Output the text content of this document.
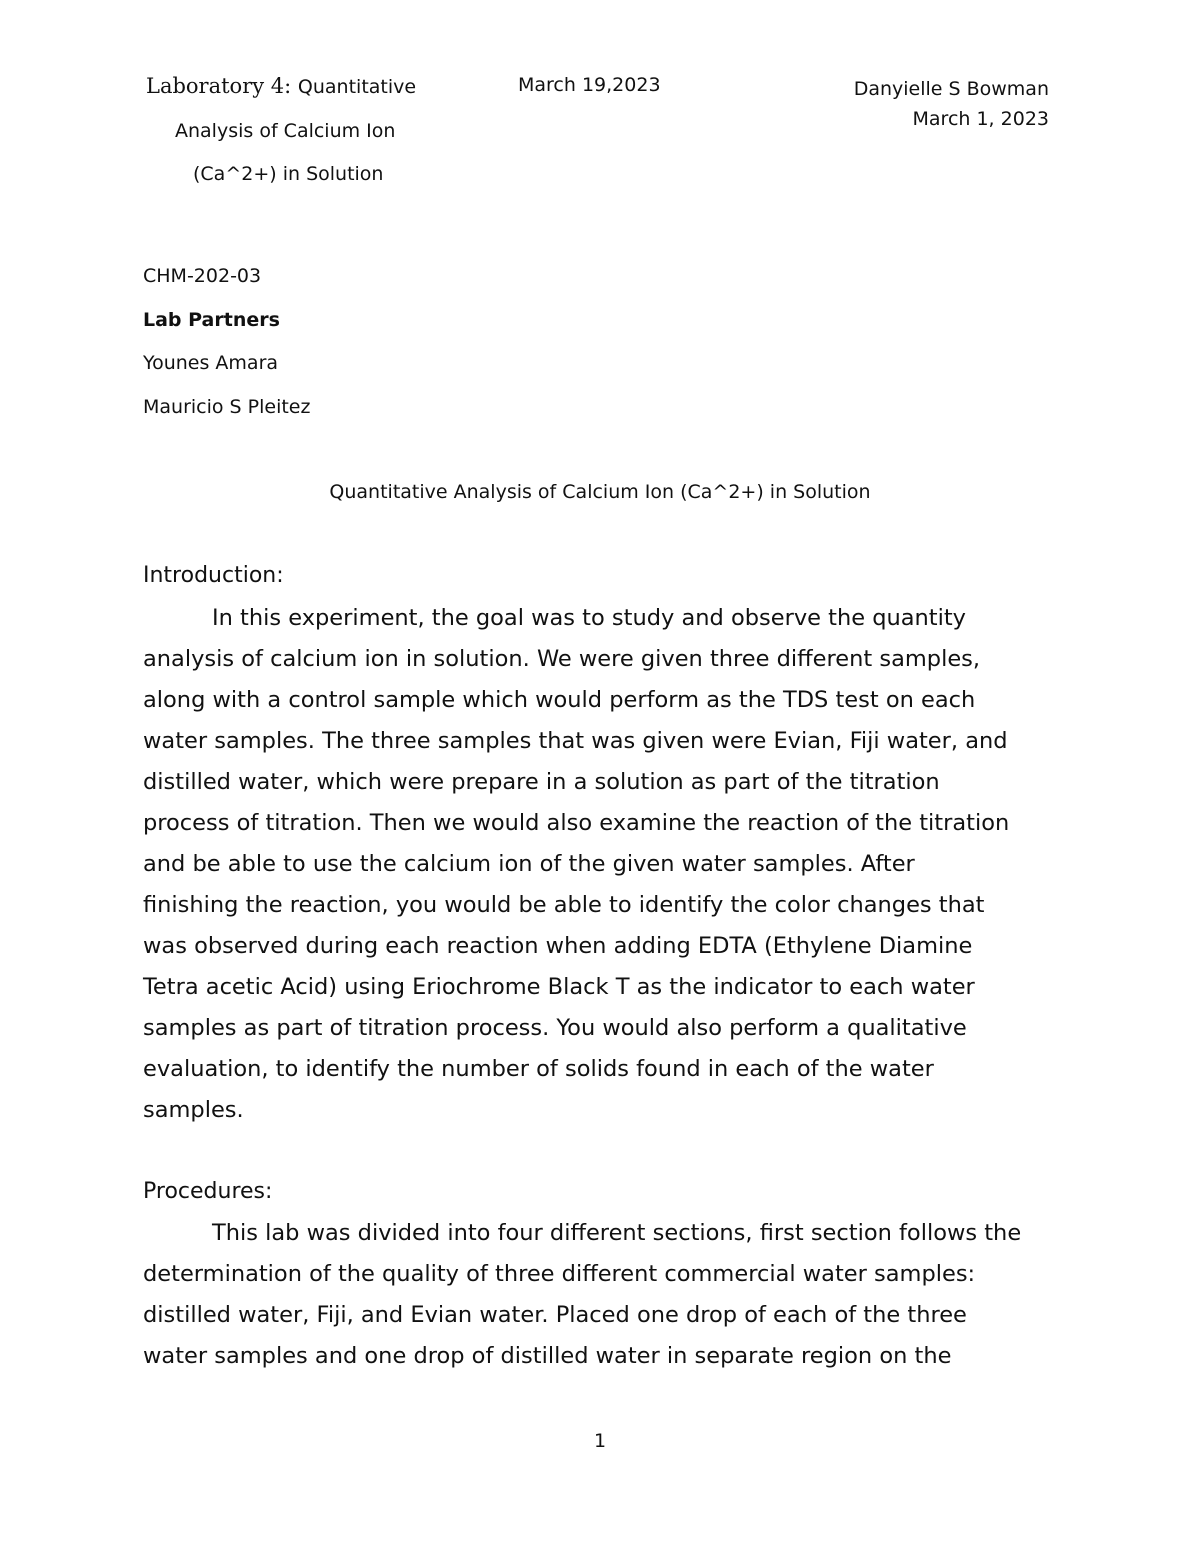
Laboratory 4: Quantitative
Analysis of Calcium Ion
(Ca^2+) in Solution
March 19,2023	Danyielle S Bowman
March 1, 2023
CHM-202-03
Lab Partners
Younes Amara
Mauricio S Pleitez
Quantitative Analysis of Calcium Ion (Ca^2+) in Solution
Introduction:
In this experiment, the goal was to study and observe the quantity
analysis of calcium ion in solution. We were given three different samples,
along with a control sample which would perform as the TDS test on each
water samples. The three samples that was given were Evian, Fiji water, and
distilled water, which were prepare in a solution as part of the titration
process of titration. Then we would also examine the reaction of the titration
and be able to use the calcium ion of the given water samples. After
finishing the reaction, you would be able to identify the color changes that
was observed during each reaction when adding EDTA (Ethylene Diamine
Tetra acetic Acid) using Eriochrome Black T as the indicator to each water
samples as part of titration process. You would also perform a qualitative
evaluation, to identify the number of solids found in each of the water
samples.
Procedures:
This lab was divided into four different sections, first section follows the
determination of the quality of three different commercial water samples:
distilled water, Fiji, and Evian water. Placed one drop of each of the three
water samples and one drop of distilled water in separate region on the
1
